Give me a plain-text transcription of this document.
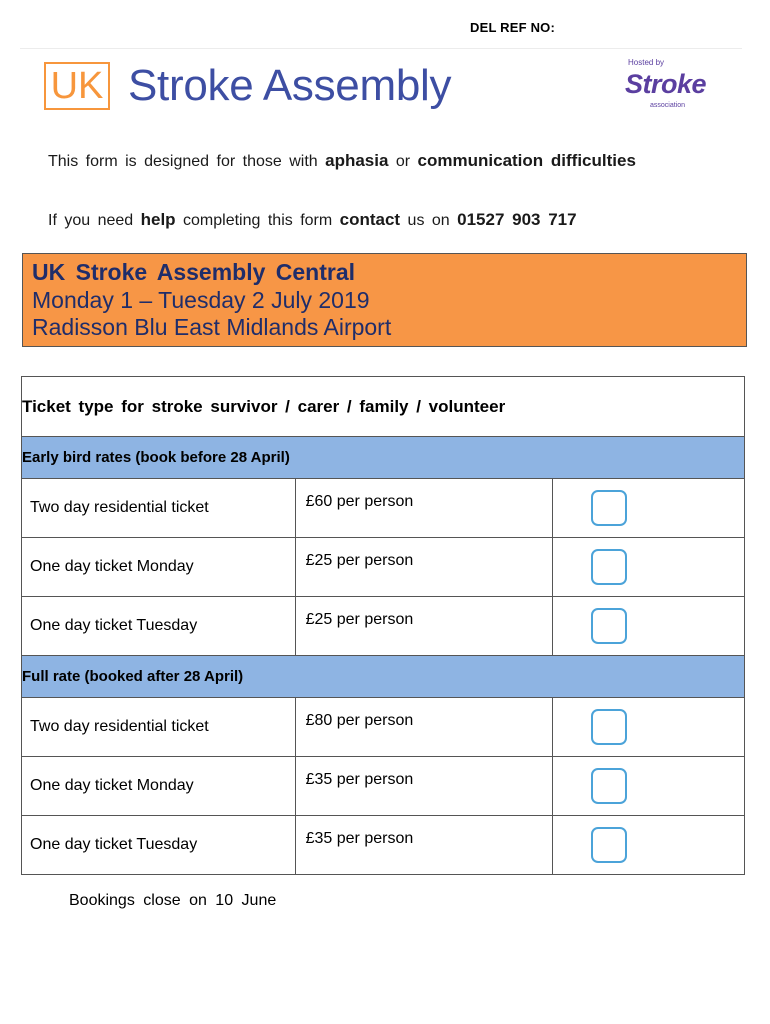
DEL REF NO:
UK Stroke Assembly	Hosted by
Stroke
association
This form is designed for those with aphasia or communication difficulties
If you need help completing this form contact us on 01527 903 717
UK Stroke Assembly Central
Monday 1 – Tuesday 2 July 2019
Radisson Blu East Midlands Airport
Ticket type for stroke survivor / carer / family / volunteer		
Early bird rates (book before 28 April)		
Two day residential ticket	£60 per person	

One day ticket Monday	£25 per person	

One day ticket Tuesday	£25 per person	

Full rate (booked after 28 April)		
Two day residential ticket	£80 per person	

One day ticket Monday	£35 per person	

One day ticket Tuesday	£35 per person	
Bookings close on 10 June
